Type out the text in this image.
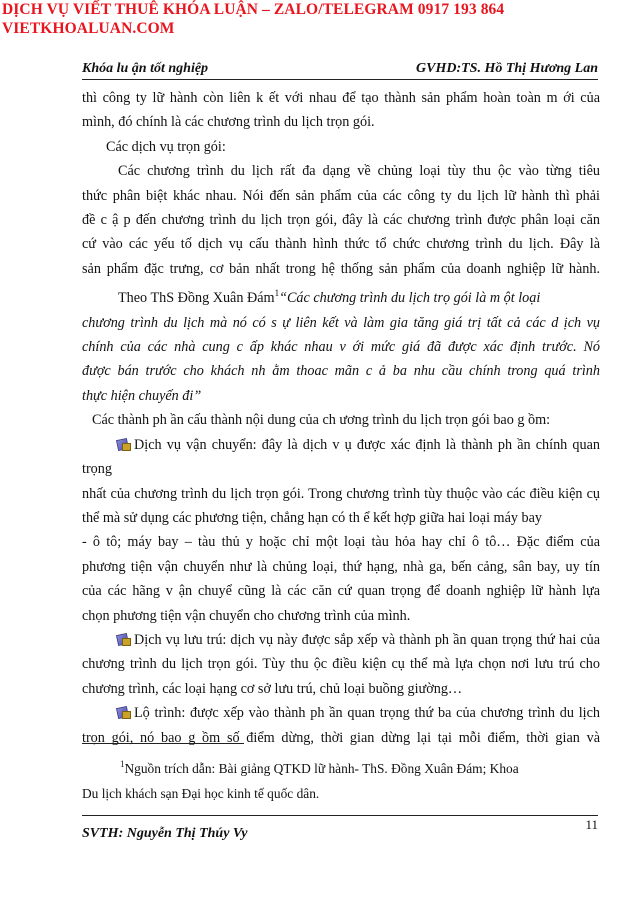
DỊCH VỤ VIẾT THUÊ KHÓA LUẬN – ZALO/TELEGRAM 0917 193 864
VIETKHOALUAN.COM
Khóa lu ận tốt nghiệp	GVHD:TS. Hồ Thị Hương Lan

thì công ty lữ hành còn liên k ết với nhau để tạo thành sản phẩm hoàn toàn m ới của

mình, đó chính là các chương trình du lịch trọn gói.

Các dịch vụ trọn gói:

Các chương trình du lịch rất đa dạng về chủng loại tùy thu ộc vào từng tiêu

thức phân biệt khác nhau. Nói đến sản phẩm của các công ty du lịch lữ hành thì phải

đề c ậ p đến chương trình du lịch trọn gói, đây là các chương trình được phân loại căn

cứ vào các yếu tố dịch vụ cấu thành hình thức tổ chức chương trình du lịch. Đây là

sản phẩm đặc trưng, cơ bản nhất trong hệ thống sản phẩm của doanh nghiệp lữ hành.

Theo ThS Đồng Xuân Đám$^1$“Các chương trình du lịch trọ gói là m ột loại

chương trình du lịch mà nó có s ự liên kết và làm gia tăng giá trị tất cả các d ịch vụ

chính của các nhà cung c ấp khác nhau v ới mức giá đã được xác định trước. Nó

được bán trước cho khách nh ằm thoac mãn c ả ba nhu cầu chính trong quá trình

thực hiện chuyến đi”

Các thành ph ần cấu thành nội dung của ch ương trình du lịch trọn gói bao g ồm:

Dịch vụ vận chuyển: đây là dịch v ụ được xác định là thành ph ần chính quan trọng

nhất của chương trình du lịch trọn gói. Trong chương trình tùy thuộc vào các điều kiện cụ

thể mà sử dụng các phương tiện, chẳng hạn có th ể kết hợp giữa hai loại máy bay

- ô tô; máy bay – tàu thủ y hoặc chỉ một loại tàu hỏa hay chỉ ô tô… Đặc điểm của

phương tiện vận chuyển như là chủng loại, thứ hạng, nhà ga, bến cảng, sân bay, uy tín

của các hãng v ận chuyể cũng là các căn cứ quan trọng để doanh nghiệp lữ hành lựa

chọn phương tiện vận chuyển cho chương trình của mình.

Dịch vụ lưu trú: dịch vụ này được sắp xếp và thành ph ần quan trọng thứ hai của

chương trình du lịch trọn gói. Tùy thu ộc điều kiện cụ thể mà lựa chọn nơi lưu trú cho

chương trình, các loại hạng cơ sở lưu trú, chủ loại buồng giường…

Lộ trình: được xếp vào thành ph ần quan trọng thứ ba của chương trình du lịch

trọn gói, nó bao g ồm số điểm dừng, thời gian dừng lại tại mỗi điểm, thời gian và

$^1$Nguồn trích dẫn: Bài giảng QTKD lữ hành- ThS. Đồng Xuân Đám; Khoa

Du lịch khách sạn Đại học kinh tế quốc dân.

11
SVTH: Nguyễn Thị Thúy Vy
